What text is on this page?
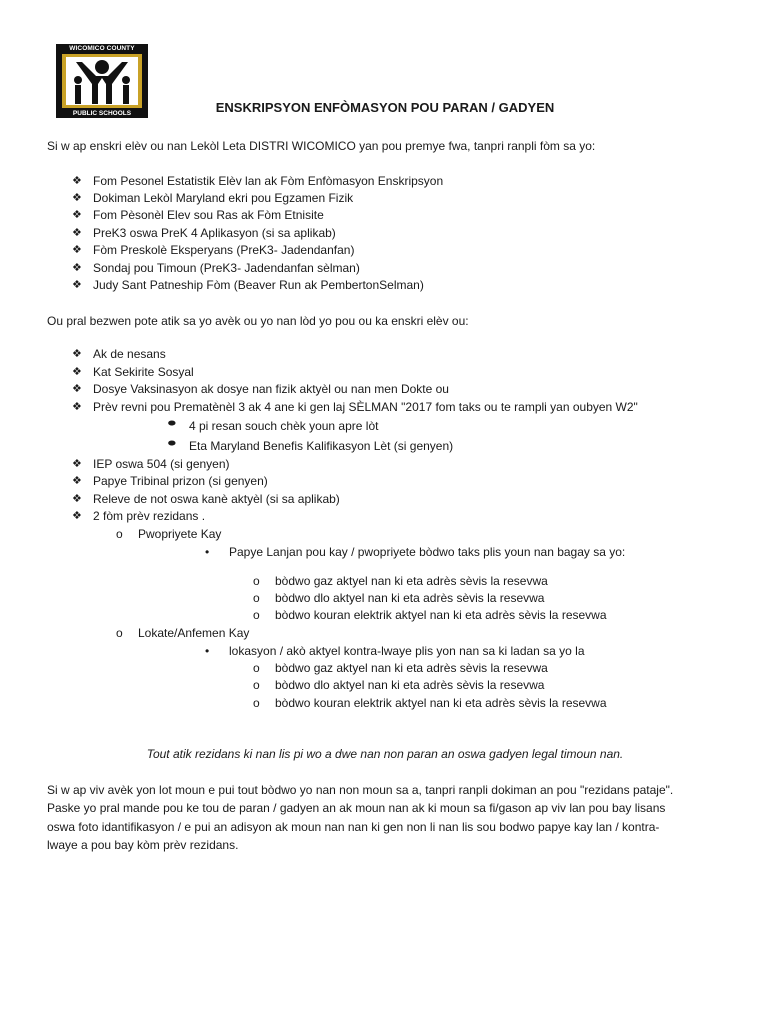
WICOMICO COUNTY
PUBLIC SCHOOLS	ENSKRIPSYON ENFÒMASYON POU PARAN / GADYEN
Si w ap enskri elèv ou nan Lekòl Leta DISTRI WICOMICO yan pou premye fwa, tanpri ranpli fòm sa yo:
❖ Fom Pesonel Estatistik Elèv lan ak Fòm Enfòmasyon Enskripsyon
❖ Dokiman Lekòl Maryland ekri pou Egzamen Fizik
❖ Fom Pèsonèl Elev sou Ras ak Fòm Etnisite
❖ PreK3 oswa PreK 4 Aplikasyon (si sa aplikab)
❖ Fòm Preskolè Eksperyans (PreK3- Jadendanfan)
❖ Sondaj pou Timoun (PreK3- Jadendanfan sèlman)
❖ Judy Sant Patneship Fòm (Beaver Run ak PembertonSelman)
Ou pral bezwen pote atik sa yo avèk ou yo nan lòd yo pou ou ka enskri elèv ou:
❖ Ak de nesans
❖ Kat Sekirite Sosyal
❖ Dosye Vaksinasyon ak dosye nan fizik aktyèl ou nan men Dokte ou
❖ Prèv revni pou Prematènèl 3 ak 4 ane ki gen laj SÈLMAN "2017 fom taks ou te rampli yan oubyen W2"
⬬ 4 pi resan souch chèk youn apre lòt
⬬ Eta Maryland Benefis Kalifikasyon Lèt (si genyen)
❖ IEP oswa 504 (si genyen)
❖ Papye Tribinal prizon (si genyen)
❖ Releve de not oswa kanè aktyèl (si sa aplikab)
❖ 2 fòm prèv rezidans .
o Pwopriyete Kay
• Papye Lanjan pou kay / pwopriyete bòdwo taks plis youn nan bagay sa yo:
o bòdwo gaz aktyel nan ki eta adrès sèvis la resevwa
o bòdwo dlo aktyel nan ki eta adrès sèvis la resevwa
o bòdwo kouran elektrik aktyel nan ki eta adrès sèvis la resevwa
o Lokate/Anfemen Kay
• lokasyon / akò aktyel kontra-lwaye plis yon nan sa ki ladan sa yo la
o bòdwo gaz aktyel nan ki eta adrès sèvis la resevwa
o bòdwo dlo aktyel nan ki eta adrès sèvis la resevwa
o bòdwo kouran elektrik aktyel nan ki eta adrès sèvis la resevwa
Tout atik rezidans ki nan lis pi wo a dwe nan non paran an oswa gadyen legal timoun nan.
Si w ap viv avèk yon lot moun e pui tout bòdwo yo nan non moun sa a, tanpri ranpli dokiman an pou "rezidans pataje".
Paske yo pral mande pou ke tou de paran / gadyen an ak moun nan ak ki moun sa fi/gason ap viv lan pou bay lisans
oswa foto idantifikasyon / e pui an adisyon ak moun nan nan ki gen non li nan lis sou bodwo papye kay lan / kontra-
lwaye a pou bay kòm prèv rezidans.
